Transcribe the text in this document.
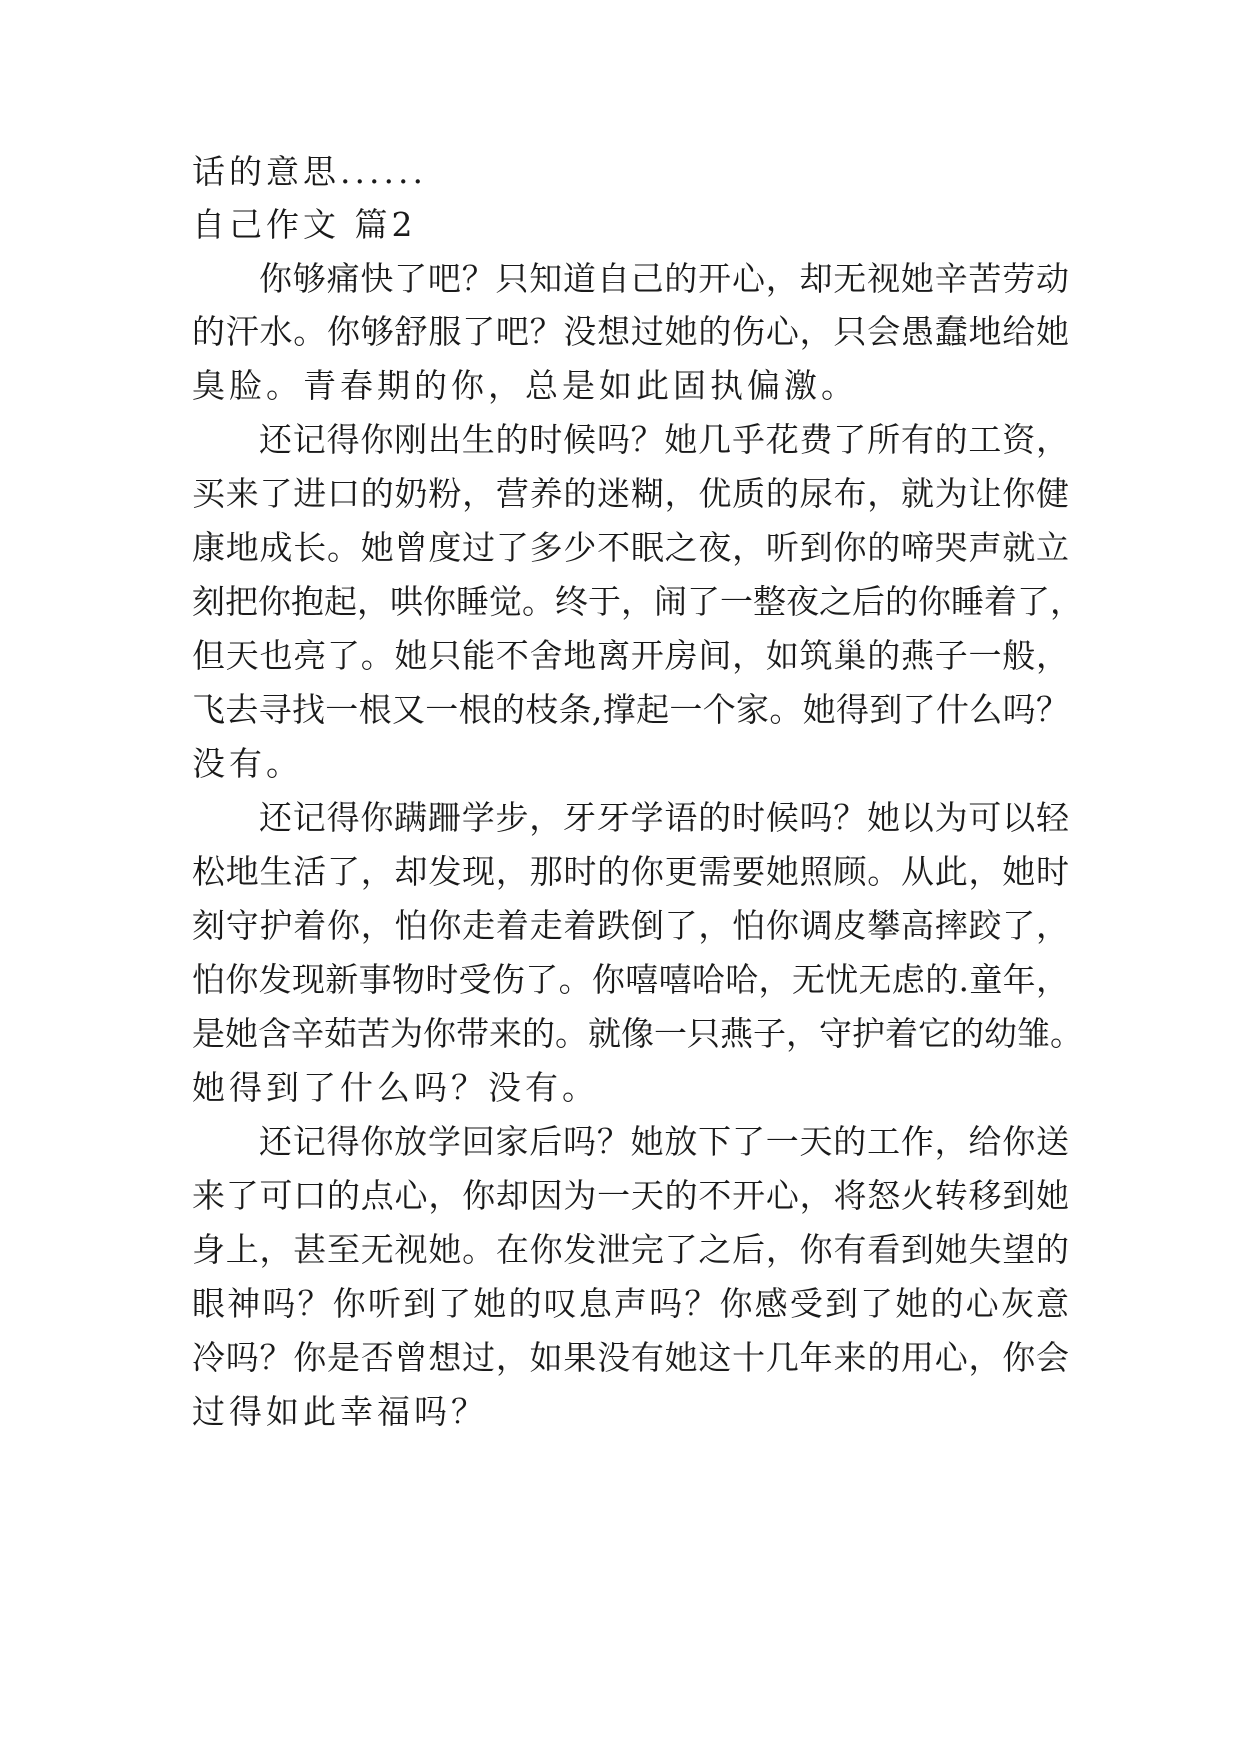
话的意思......
自己作文 篇2
你够痛快了吧？只知道自己的开心，却无视她辛苦劳动
的汗水。你够舒服了吧？没想过她的伤心，只会愚蠢地给她
臭脸。青春期的你，总是如此固执偏激。
还记得你刚出生的时候吗？她几乎花费了所有的工资，
买来了进口的奶粉，营养的迷糊，优质的尿布，就为让你健
康地成长。她曾度过了多少不眠之夜，听到你的啼哭声就立
刻把你抱起，哄你睡觉。终于，闹了一整夜之后的你睡着了，
但天也亮了。她只能不舍地离开房间，如筑巢的燕子一般，
飞去寻找一根又一根的枝条,撑起一个家。她得到了什么吗？
没有。
还记得你蹒跚学步，牙牙学语的时候吗？她以为可以轻
松地生活了，却发现，那时的你更需要她照顾。从此，她时
刻守护着你，怕你走着走着跌倒了，怕你调皮攀高摔跤了，
怕你发现新事物时受伤了。你嘻嘻哈哈，无忧无虑的.童年，
是她含辛茹苦为你带来的。就像一只燕子，守护着它的幼雏。
她得到了什么吗？没有。
还记得你放学回家后吗？她放下了一天的工作，给你送
来了可口的点心，你却因为一天的不开心，将怒火转移到她
身上，甚至无视她。在你发泄完了之后，你有看到她失望的
眼神吗？你听到了她的叹息声吗？你感受到了她的心灰意
冷吗？你是否曾想过，如果没有她这十几年来的用心，你会
过得如此幸福吗？
